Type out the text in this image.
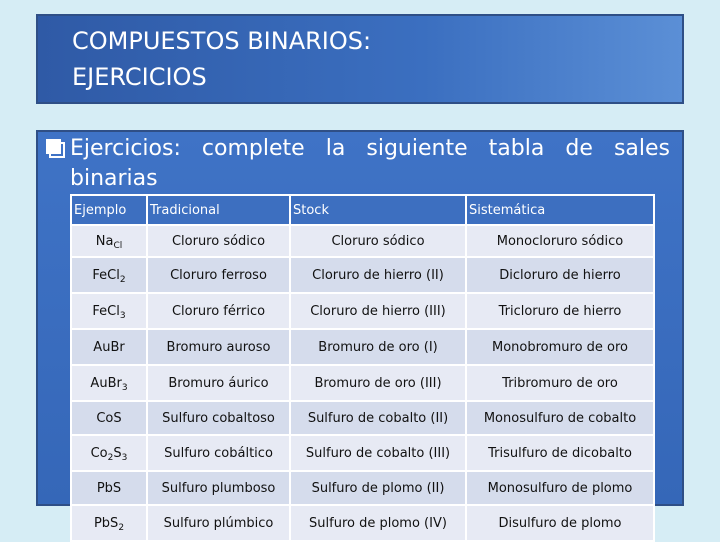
COMPUESTOS BINARIOS:
EJERCICIOS
Ejercicios: complete la siguiente tabla de sales
binarias
Ejemplo	Tradicional	Stock	Sistemática
$Na_{Cl}$	Cloruro sódico	Cloruro sódico	Monocloruro sódico
FeCl$_2$	Cloruro ferroso	Cloruro de hierro (II)	Dicloruro de hierro
FeCl$_3$	Cloruro férrico	Cloruro de hierro (III)	Tricloruro de hierro
AuBr	Bromuro auroso	Bromuro de oro (I)	Monobromuro de oro
AuBr$_3$	Bromuro áurico	Bromuro de oro (III)	Tribromuro de oro
CoS	Sulfuro cobaltoso	Sulfuro de cobalto (II)	Monosulfuro de cobalto
$Co_2S_3$	Sulfuro cobáltico	Sulfuro de cobalto (III)	Trisulfuro de dicobalto
PbS	Sulfuro plumboso	Sulfuro de plomo (II)	Monosulfuro de plomo
PbS$_2$	Sulfuro plúmbico	Sulfuro de plomo (IV)	Disulfuro de plomo
